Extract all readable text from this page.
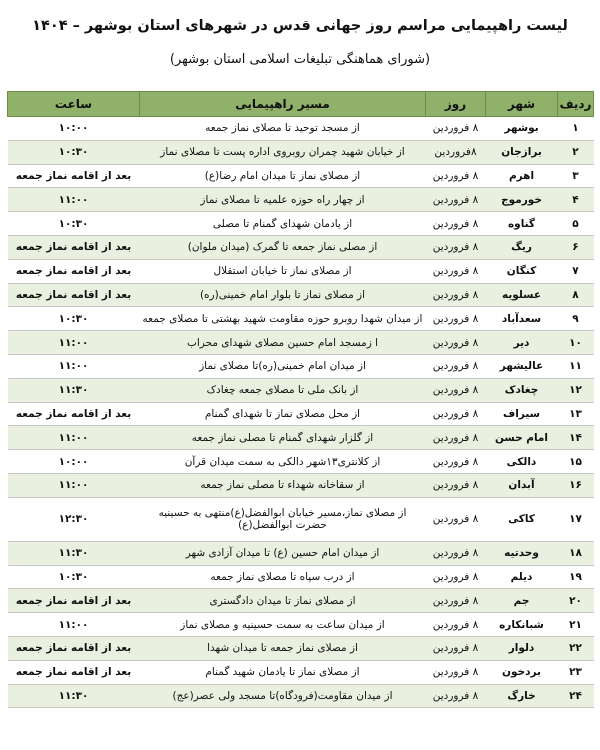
لیست راهپیمایی مراسم روز جهانی قدس در شهرهای استان بوشهر – ۱۴۰۴
(شورای هماهنگی تبلیغات اسلامی استان بوشهر)
ردیف	شهر	روز	مسیر راهپیمایی	ساعت
۱	بوشهر	۸ فروردین	از مسجد توحید تا مصلای نماز جمعه	۱۰:۰۰
۲	برازجان	۸فروردین	از خیابان شهید چمران روبروی اداره پست تا مصلای نماز	۱۰:۳۰
۳	اهرم	۸ فروردین	از مصلای نماز تا میدان امام رضا(ع)	بعد از اقامه نماز جمعه
۴	خورموج	۸ فروردین	از چهار راه حوزه علمیه تا مصلای نماز	۱۱:۰۰
۵	گناوه	۸ فروردین	از یادمان شهدای گمنام تا مصلی	۱۰:۳۰
۶	ریگ	۸ فروردین	از مصلی نماز جمعه تا گمرک (میدان ملوان)	بعد از اقامه نماز جمعه
۷	کنگان	۸ فروردین	از مصلای نماز تا خیابان استقلال	بعد از اقامه نماز جمعه
۸	عسلویه	۸ فروردین	از مصلای نماز تا بلوار امام خمینی(ره)	بعد از اقامه نماز جمعه
۹	سعدآباد	۸ فروردین	از میدان شهدا روبرو حوزه مقاومت شهید بهشتی تا مصلای جمعه	۱۰:۳۰
۱۰	دیر	۸ فروردین	ا زمسجد امام حسین مصلای شهدای محراب	۱۱:۰۰
۱۱	عالیشهر	۸ فروردین	از میدان امام خمینی(ره)تا مصلای نماز	۱۱:۰۰
۱۲	چغادک	۸ فروردین	از بانک ملی تا مصلای جمعه چغادک	۱۱:۳۰
۱۳	سیراف	۸ فروردین	از محل مصلای نماز تا شهدای گمنام	بعد از اقامه نماز جمعه
۱۴	امام حسن	۸ فروردین	از گلزار شهدای گمنام تا مصلی نماز جمعه	۱۱:۰۰
۱۵	دالکی	۸ فروردین	از کلانتری۱۳شهر دالکی به سمت میدان قرآن	۱۰:۰۰
۱۶	آبدان	۸ فروردین	از سقاخانه شهداء تا مصلی نماز جمعه	۱۱:۰۰
۱۷	کاکی	۸ فروردین	از مصلای نماز،مسیر خیابان ابوالفضل(ع)منتهی به حسینیه حضرت ابوالفضل(ع)	۱۲:۳۰
۱۸	وحدتیه	۸ فروردین	از میدان امام حسین (ع) تا میدان آزادی شهر	۱۱:۳۰
۱۹	دیلم	۸ فروردین	از درب سپاه تا مصلای نماز جمعه	۱۰:۳۰
۲۰	جم	۸ فروردین	از مصلای نماز تا میدان دادگستری	بعد از اقامه نماز جمعه
۲۱	شبانکاره	۸ فروردین	از میدان ساعت به سمت حسینیه و مصلای نماز	۱۱:۰۰
۲۲	دلوار	۸ فروردین	از مصلای نماز جمعه تا میدان شهدا	بعد از اقامه نماز جمعه
۲۳	بردخون	۸ فروردین	از مصلای نماز تا یادمان شهید گمنام	بعد از اقامه نماز جمعه
۲۴	خارگ	۸ فروردین	از میدان مقاومت(فرودگاه)تا مسجد ولی عصر(عج)	۱۱:۳۰
